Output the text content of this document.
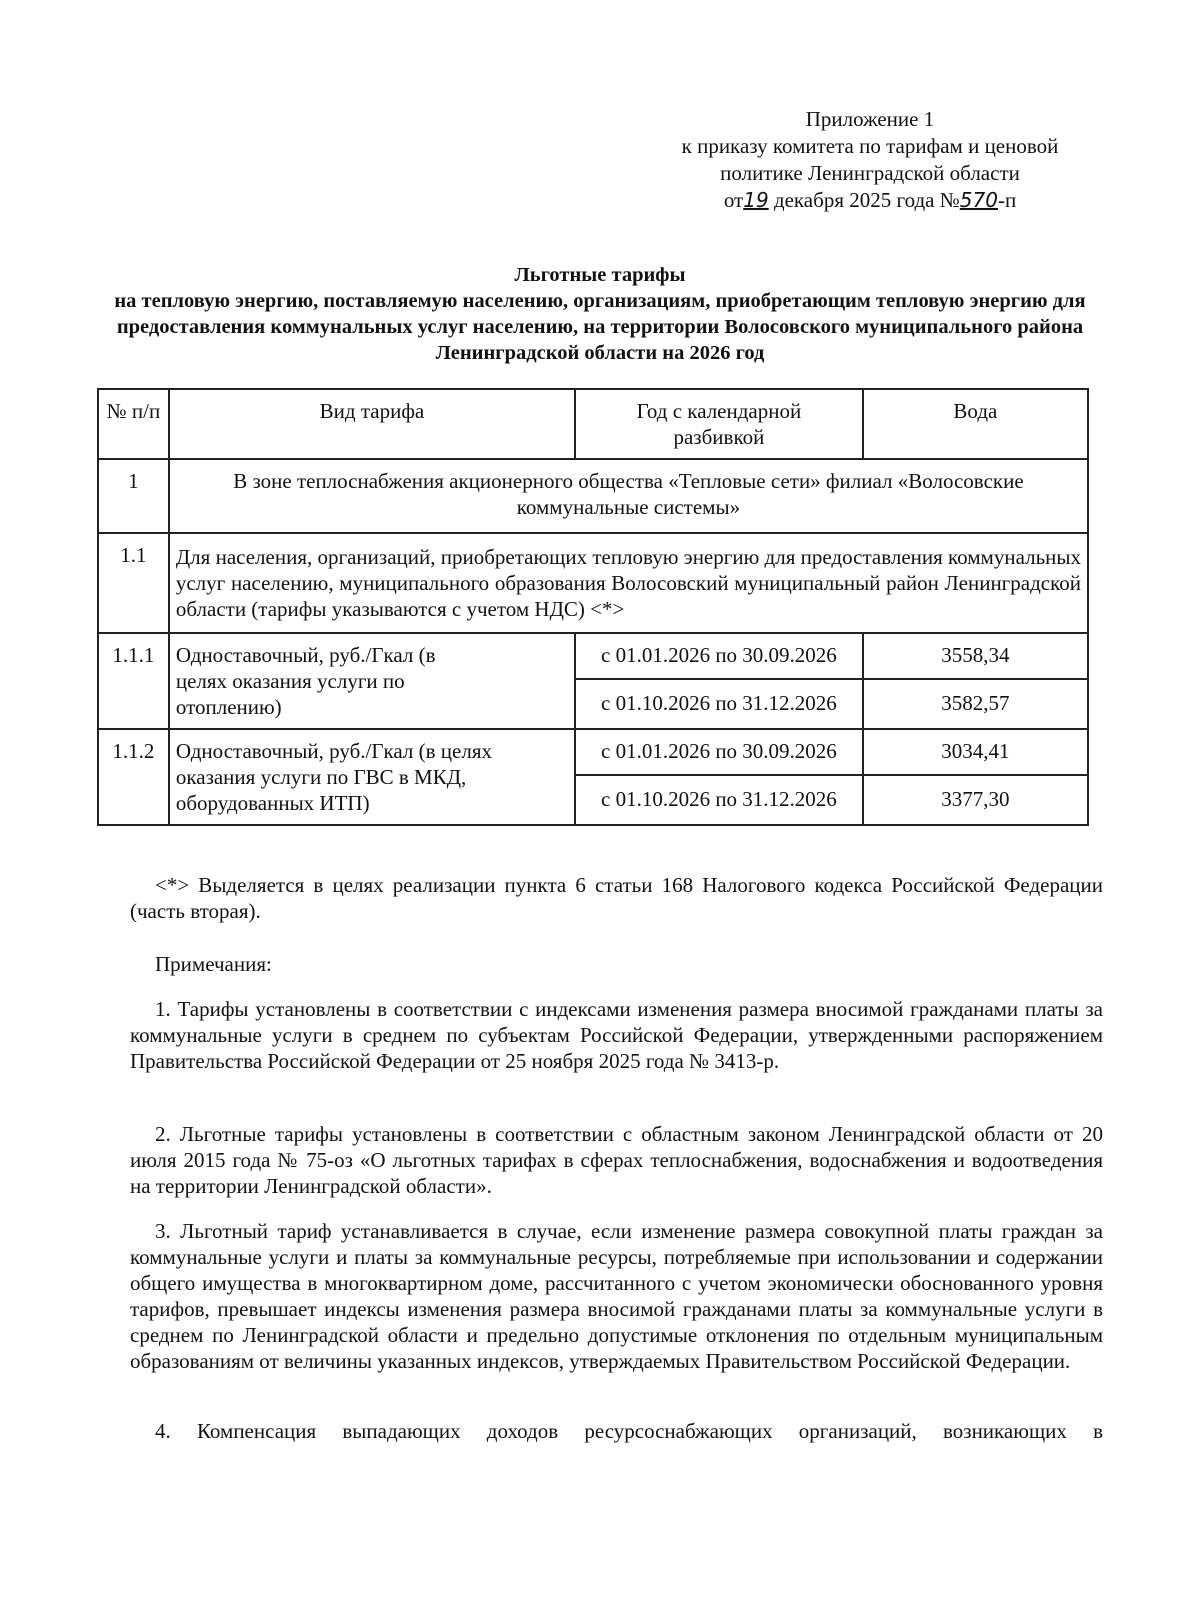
Приложение 1
к приказу комитета по тарифам и ценовой
политике Ленинградской области
от19 декабря 2025 года №570-п
Льготные тарифы
на тепловую энергию, поставляемую населению, организациям, приобретающим тепловую энергию для предоставления коммунальных услуг населению, на территории Волосовского муниципального района Ленинградской области на 2026 год
№ п/п	Вид тарифа	Год с календарной разбивкой	Вода
1	В зоне теплоснабжения акционерного общества «Тепловые сети» филиал «Волосовские коммунальные системы»		
1.1	Для населения, организаций, приобретающих тепловую энергию для предоставления коммунальных услуг населению, муниципального образования Волосовский муниципальный район Ленинградской области (тарифы указываются с учетом НДС) <*>		
1.1.1	Одноставочный, руб./Гкал (в целях оказания услуги по отоплению)	с 01.01.2026 по 30.09.2026	3558,34
		с 01.10.2026 по 31.12.2026	3582,57
1.1.2	Одноставочный, руб./Гкал (в целях оказания услуги по ГВС в МКД, оборудованных ИТП)	с 01.01.2026 по 30.09.2026	3034,41
		с 01.10.2026 по 31.12.2026	3377,30
<*> Выделяется в целях реализации пункта 6 статьи 168 Налогового кодекса Российской Федерации (часть вторая).
Примечания:
1. Тарифы установлены в соответствии с индексами изменения размера вносимой гражданами платы за коммунальные услуги в среднем по субъектам Российской Федерации, утвержденными распоряжением Правительства Российской Федерации от 25 ноября 2025 года № 3413-р.
2. Льготные тарифы установлены в соответствии с областным законом Ленинградской области от 20 июля 2015 года № 75-оз «О льготных тарифах в сферах теплоснабжения, водоснабжения и водоотведения на территории Ленинградской области».
3. Льготный тариф устанавливается в случае, если изменение размера совокупной платы граждан за коммунальные услуги и платы за коммунальные ресурсы, потребляемые при использовании и содержании общего имущества в многоквартирном доме, рассчитанного с учетом экономически обоснованного уровня тарифов, превышает индексы изменения размера вносимой гражданами платы за коммунальные услуги в среднем по Ленинградской области и предельно допустимые отклонения по отдельным муниципальным образованиям от величины указанных индексов, утверждаемых Правительством Российской Федерации.
4. Компенсация выпадающих доходов ресурсоснабжающих организаций, возникающих в
